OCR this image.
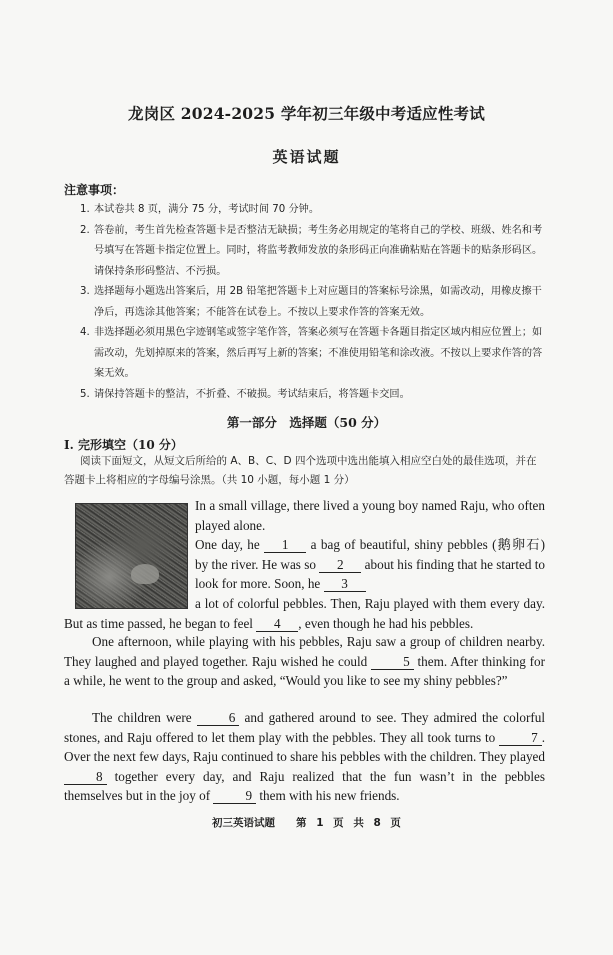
龙岗区 2024-2025 学年初三年级中考适应性考试
英语试题
注意事项：
1. 本试卷共 8 页，满分 75 分，考试时间 70 分钟。
2. 答卷前，考生首先检查答题卡是否整洁无缺损；考生务必用规定的笔将自己的学校、班级、姓名和考号填写在答题卡指定位置上。同时，将监考教师发放的条形码正向准确粘贴在答题卡的贴条形码区。请保持条形码整洁、不污损。
3. 选择题每小题选出答案后，用 2B 铅笔把答题卡上对应题目的答案标号涂黑，如需改动，用橡皮擦干净后，再选涂其他答案；不能答在试卷上。不按以上要求作答的答案无效。
4. 非选择题必须用黑色字迹钢笔或签字笔作答，答案必须写在答题卡各题目指定区域内相应位置上；如需改动，先划掉原来的答案，然后再写上新的答案；不准使用铅笔和涂改液。不按以上要求作答的答案无效。
5. 请保持答题卡的整洁，不折叠、不破损。考试结束后，将答题卡交回。
第一部分　选择题（50 分）
I. 完形填空（10 分）
阅读下面短文，从短文后所给的 A、B、C、D 四个选项中选出能填入相应空白处的最佳选项，并在答题卡上将相应的字母编号涂黑。（共 10 小题，每小题 1 分）
In a small village, there lived a young boy named Raju, who often played alone.
One day, he 1 a bag of beautiful, shiny pebbles (鹅卵石) by the river. He was so 2 about his finding that he started to look for more. Soon, he 3
a lot of colorful pebbles. Then, Raju played with them every day. But as time passed, he began to feel 4 , even though he had his pebbles.
One afternoon, while playing with his pebbles, Raju saw a group of children nearby. They laughed and played together. Raju wished he could	5 them. After thinking for a while, he went to the group and asked, “Would you like to see my shiny pebbles?”
The children were	6 and gathered around to see. They admired the colorful stones, and Raju offered to let them play with the pebbles. They all took turns to	7 . Over the next few days, Raju continued to share his pebbles with the children. They played 8 together every day, and Raju realized that the fun wasn’t in the pebbles themselves but in the joy of	9 them with his new friends.
初三英语试题　　第 1 页 共 8 页
